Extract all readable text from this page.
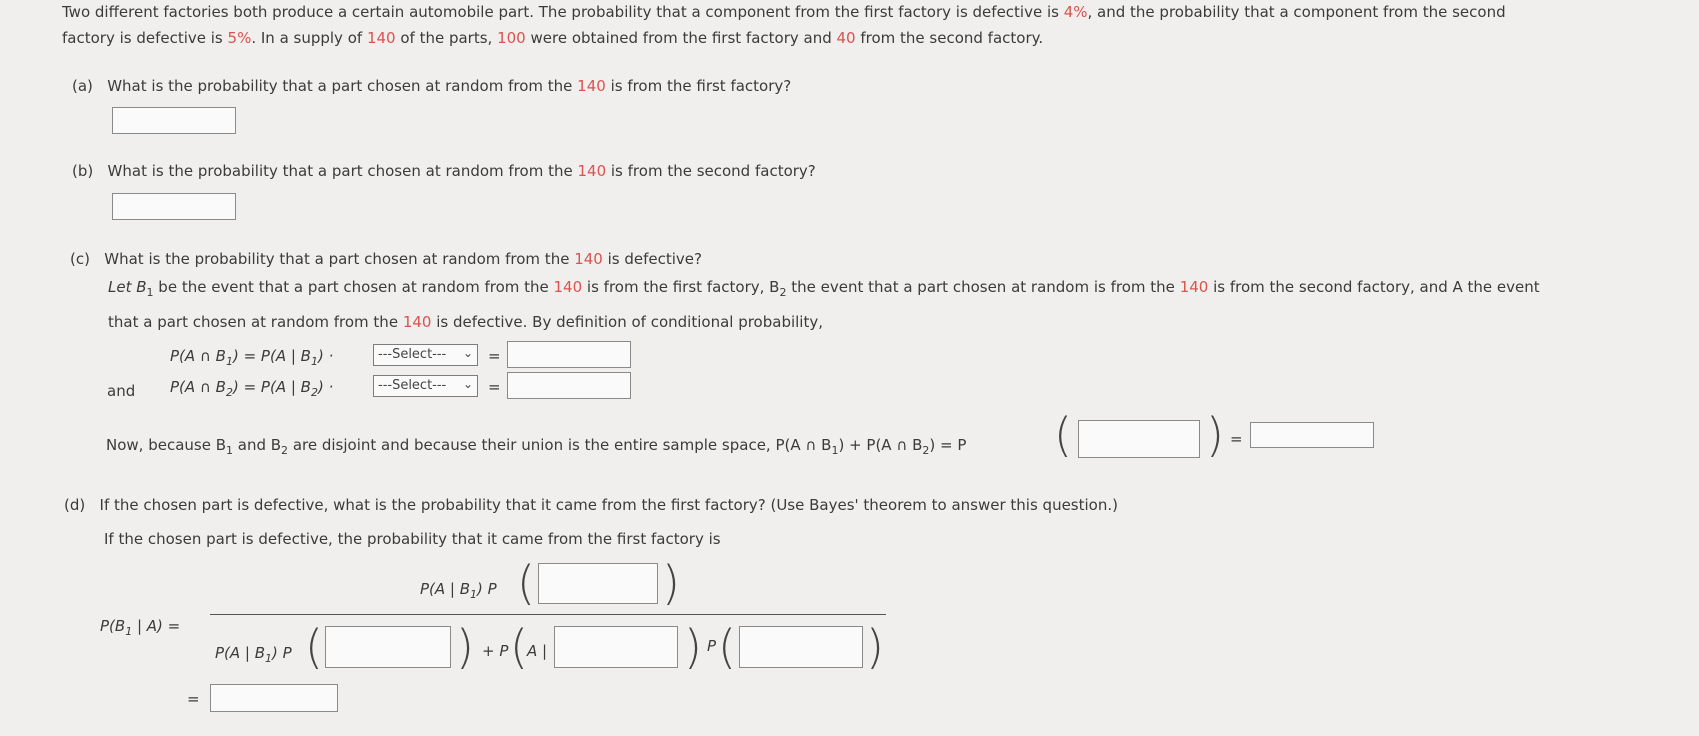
Two different factories both produce a certain automobile part. The probability that a component from the first factory is defective is 4%, and the probability that a component from the second
factory is defective is 5%. In a supply of 140 of the parts, 100 were obtained from the first factory and 40 from the second factory.
(a) What is the probability that a part chosen at random from the 140 is from the first factory?
(b) What is the probability that a part chosen at random from the 140 is from the second factory?
(c) What is the probability that a part chosen at random from the 140 is defective?
Let $B_1$ be the event that a part chosen at random from the 140 is from the first factory, $B_2$ the event that a part chosen at random is from the 140 is from the second factory, and A the event
that a part chosen at random from the 140 is defective. By definition of conditional probability,
P(A ∩ $B_1) = P(A$ | $B_1$) ·	---Select--- ⌄ =
and P(A ∩ $B_2) = P(A$ | $B_2$) ·	---Select--- ⌄ =
Now, because $B_1$ and $B_2$ are disjoint and because their union is the entire sample space, P(A ∩ $B_1) + P(A$ ∩ $B_2) = P$ (	) =
(d) If the chosen part is defective, what is the probability that it came from the first factory? (Use Bayes' theorem to answer this question.)
If the chosen part is defective, the probability that it came from the first factory is
P(A | $B_1$) P (	)
$P(B_1$ | A) =
P(A | $B_1$) P (	) + P ( A |	) P (	)
=
